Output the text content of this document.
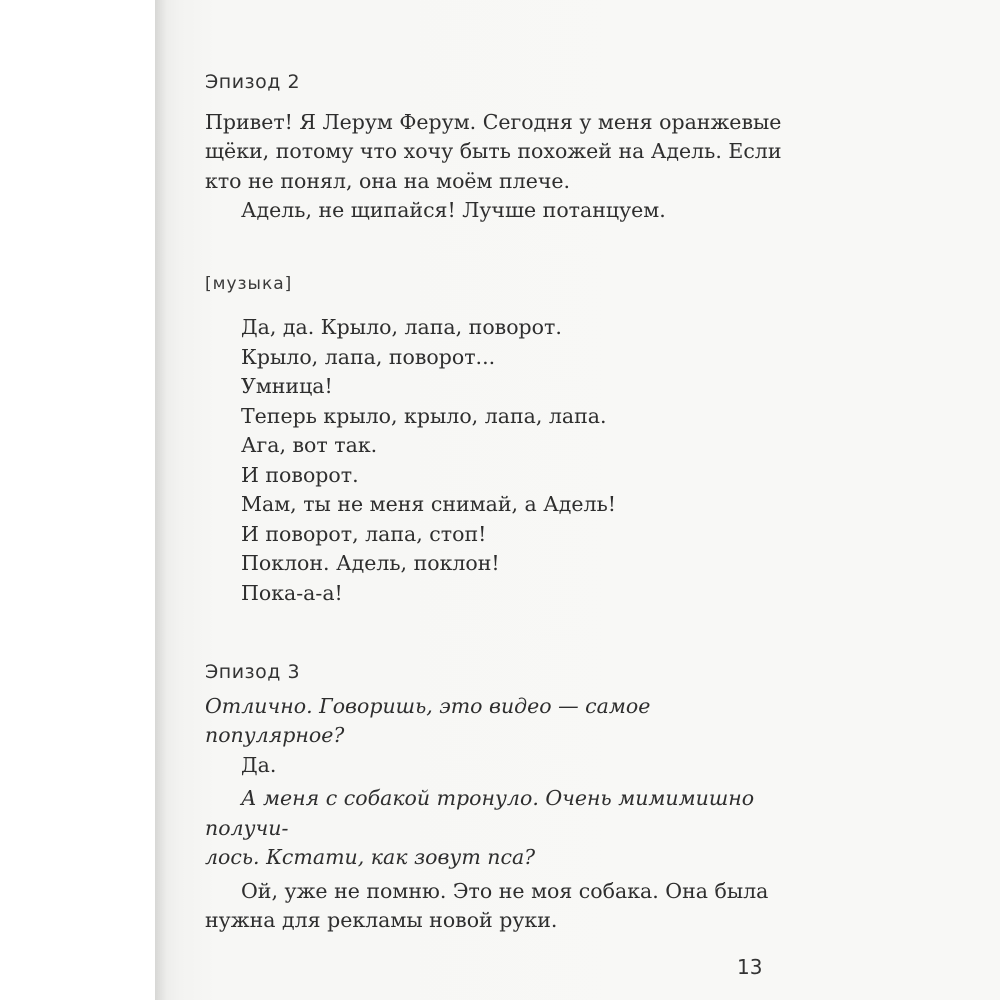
Эпизод 2
Привет! Я Лерум Ферум. Сегодня у меня оранжевые
щёки, потому что хочу быть похожей на Адель. Если
кто не понял, она на моём плече.
Адель, не щипайся! Лучше потанцуем.
[музыка]
Да, да. Крыло, лапа, поворот.
Крыло, лапа, поворот...
Умница!
Теперь крыло, крыло, лапа, лапа.
Ага, вот так.
И поворот.
Мам, ты не меня снимай, а Адель!
И поворот, лапа, стоп!
Поклон. Адель, поклон!
Пока-а-а!
Эпизод 3
Отлично. Говоришь, это видео — самое популярное?
Да.
А меня с собакой тронуло. Очень мимимишно получи-
лось. Кстати, как зовут пса?
Ой, уже не помню. Это не моя собака. Она была
нужна для рекламы новой руки.
13
